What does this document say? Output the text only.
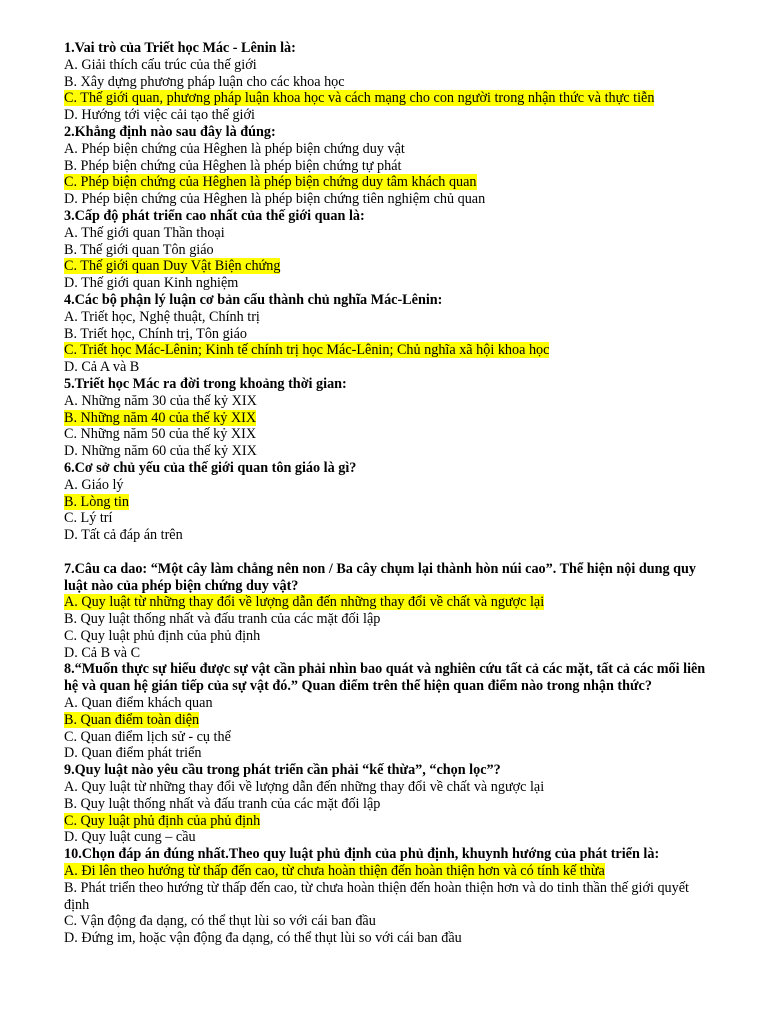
1.Vai trò của Triết học Mác - Lênin là:

A. Giải thích cấu trúc của thế giới

B. Xây dựng phương pháp luận cho các khoa học

C. Thế giới quan, phương pháp luận khoa học và cách mạng cho con người trong nhận thức và thực tiễn

D. Hướng tới việc cải tạo thế giới

2.Khẳng định nào sau đây là đúng:

A. Phép biện chứng của Hêghen là phép biện chứng duy vật

B. Phép biện chứng của Hêghen là phép biện chứng tự phát

C. Phép biện chứng của Hêghen là phép biện chứng duy tâm khách quan

D. Phép biện chứng của Hêghen là phép biện chứng tiên nghiệm chủ quan

3.Cấp độ phát triển cao nhất của thế giới quan là:

A. Thế giới quan Thần thoại

B. Thế giới quan Tôn giáo

C. Thế giới quan Duy Vật Biện chứng

D. Thế giới quan Kinh nghiệm

4.Các bộ phận lý luận cơ bản cấu thành chủ nghĩa Mác-Lênin:

A. Triết học, Nghệ thuật, Chính trị

B. Triết học, Chính trị, Tôn giáo

C. Triết học Mác-Lênin; Kinh tế chính trị học Mác-Lênin; Chủ nghĩa xã hội khoa học

D. Cả A và B

5.Triết học Mác ra đời trong khoảng thời gian:

A. Những năm 30 của thế kỷ XIX

B. Những năm 40 của thế kỷ XIX

C. Những năm 50 của thế kỷ XIX

D. Những năm 60 của thế kỷ XIX

6.Cơ sở chủ yếu của thế giới quan tôn giáo là gì?

A. Giáo lý

B. Lòng tin

C. Lý trí

D. Tất cả đáp án trên

7.Câu ca dao: “Một cây làm chẳng nên non / Ba cây chụm lại thành hòn núi cao”. Thể hiện nội dung quy luật nào của phép biện chứng duy vật?

A. Quy luật từ những thay đổi về lượng dẫn đến những thay đổi về chất và ngược lại

B. Quy luật thống nhất và đấu tranh của các mặt đối lập

C. Quy luật phủ định của phủ định

D. Cả B và C

8.“Muốn thực sự hiểu được sự vật cần phải nhìn bao quát và nghiên cứu tất cả các mặt, tất cả các mối liên hệ và quan hệ gián tiếp của sự vật đó.” Quan điểm trên thể hiện quan điểm nào trong nhận thức?

A. Quan điểm khách quan

B. Quan điểm toàn diện

C. Quan điểm lịch sử - cụ thể

D. Quan điểm phát triển

9.Quy luật nào yêu cầu trong phát triển cần phải “kế thừa”, “chọn lọc”?

A. Quy luật từ những thay đổi về lượng dẫn đến những thay đổi về chất và ngược lại

B. Quy luật thống nhất và đấu tranh của các mặt đối lập

C. Quy luật phủ định của phủ định

D. Quy luật cung – cầu

10.Chọn đáp án đúng nhất.Theo quy luật phủ định của phủ định, khuynh hướng của phát triển là:

A. Đi lên theo hướng từ thấp đến cao, từ chưa hoàn thiện đến hoàn thiện hơn và có tính kế thừa

B. Phát triển theo hướng từ thấp đến cao, từ chưa hoàn thiện đến hoàn thiện hơn và do tinh thần thế giới quyết định

C. Vận động đa dạng, có thể thụt lùi so với cái ban đầu

D. Đứng im, hoặc vận động đa dạng, có thể thụt lùi so với cái ban đầu
